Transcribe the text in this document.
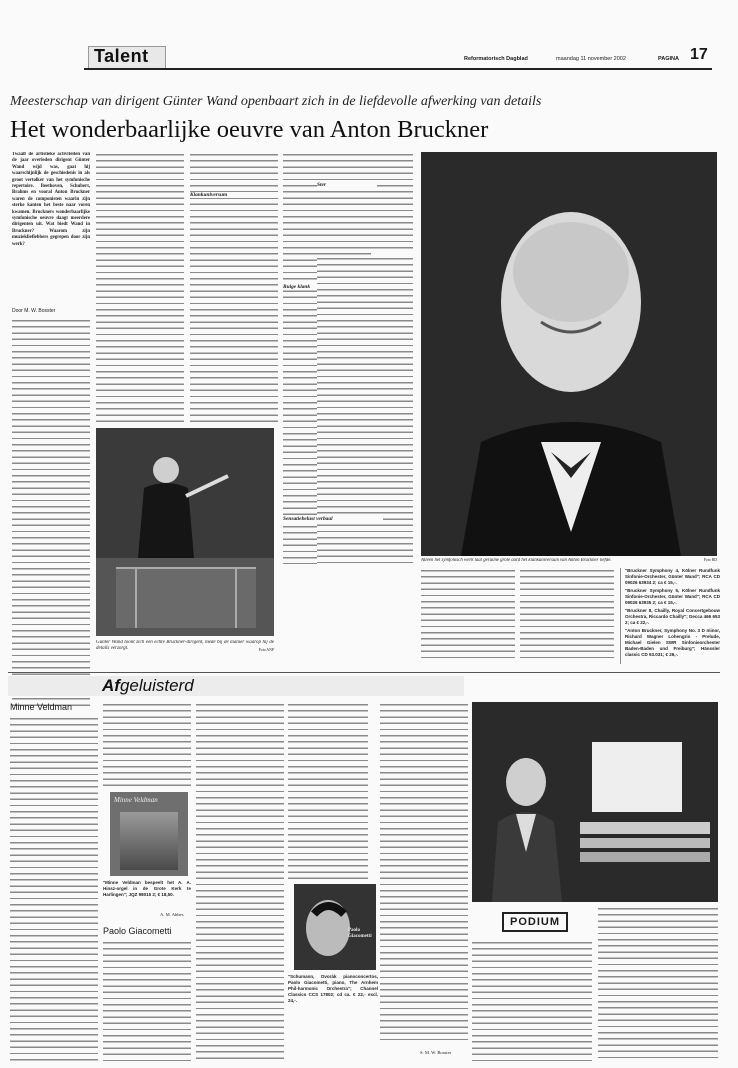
Talent	Reformatorisch Dagblad	maandag 11 november 2002	PAGINA 17
Meesterschap van dirigent Günter Wand openbaart zich in de liefdevolle afwerking van details
Het wonderbaarlijke oeuvre van Anton Bruckner
Twaalf de artistieke activiteiten van de jaar overleden dirigent Günter Wand wijd was, gaat hij waarschijnlijk de geschiedenis in als groot vertolker van het symfonische repertoire. Beethoven, Schubert, Brahms en vooral Anton Bruckner waren de componisten waarin zijn sterke kanten het beste naar voren kwamen. Bruckners wonderbaarlijke symfonische oeuvre daagt meerdere dirigenten uit. Wat biedt Wand in Bruckner? Waarom zijn muzieklieflebbers gegrepen door zijn werk?
Door M. W. Bosster
Klankuniversum
Ruige klank
Ster
Sensatiebelust verbaal
Günter Wand toont zich een echte Bruckner-dirigent, mede bij de manier waarop hij de details verzorgt.	Foto ANP
Alleen het symfonisch werk laat geruime grote aard het klankuniversum van Anton Bruckner liefde.	Foto RD
"Bruckner Symphony 4, Kölner Rundfunk Sinfonie-Orchester, Günter Wand"; RCA CD 09026 63934 2; ca € 15,-.
"Bruckner Symphony 5, Kölner Rundfunk Sinfonie-Orchester, Günter Wand"; RCA CD 09026 63935 2; ca € 15,-.
"Bruckner 8, Chailly, Royal Concertgebouw Orchestra, Riccardo Chailly"; Decca 466 653 2; ca € 22,-.
"Anton Bruckner, Symphony No. 3 D minor, Richard Wagner Lohengrin - Prelude, Michael Gielen SWR Sinfonieorchester Baden-Baden und Freiburg"; Hänssler classic CD 93.031; € 26,-.
Afgeluisterd
Minne Veldman
Minne Veldman
"Minne Veldman bespeelt het A. A. Hinsz-orgel in de Grote Kerk te Harlingen"; JQZ 98015 2; € 18,50.
A. M. Abbes
Paolo Giacometti	Paolo Giacometti
"Schumann, Dvorák pianoconcertos, Paolo Giacometti, piano, The Arnhem Phil-harmonic Orchestra"; Channel Classics CCS 17802; cd ca. € 22,- excl. 24,-.
S. M. W. Bosster
PODIUM
